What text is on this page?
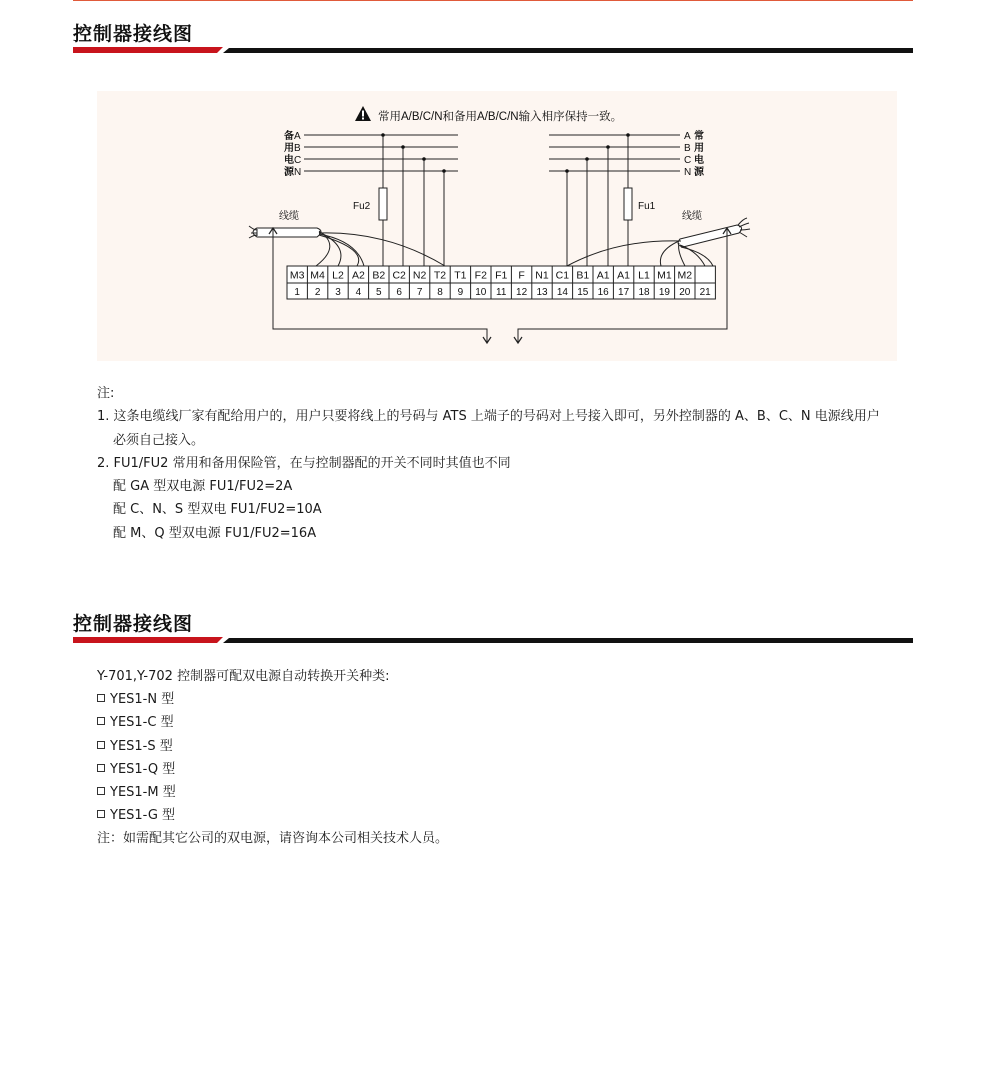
控制器接线图
常用A/B/C/N和备用A/B/C/N输入相序保持一致。
备
用
电
源
A
B
C
N
A
B
C
N
常
用
电
源
Fu2	Fu1
线缆	线缆
M3
1
M4
2
L2
3
A2
4
B2
5
C2
6
N2
7
T2
8
T1
9
F2
10
F1
11
F
12
N1
13
C1
14
B1
15
A1
16
A1
17
L1
18
M1
19
M2
20 21
注:
1. 这条电缆线厂家有配给用户的，用户只要将线上的号码与 ATS 上端子的号码对上号接入即可，另外控制器的 A、B、C、N 电源线用户
必须自己接入。
2. FU1/FU2 常用和备用保险管，在与控制器配的开关不同时其值也不同
配 GA 型双电源 FU1/FU2=2A
配 C、N、S 型双电 FU1/FU2=10A
配 M、Q 型双电源 FU1/FU2=16A
控制器接线图
Y-701,Y-702 控制器可配双电源自动转换开关种类:
YES1-N 型
YES1-C 型
YES1-S 型
YES1-Q 型
YES1-M 型
YES1-G 型
注：如需配其它公司的双电源，请咨询本公司相关技术人员。
